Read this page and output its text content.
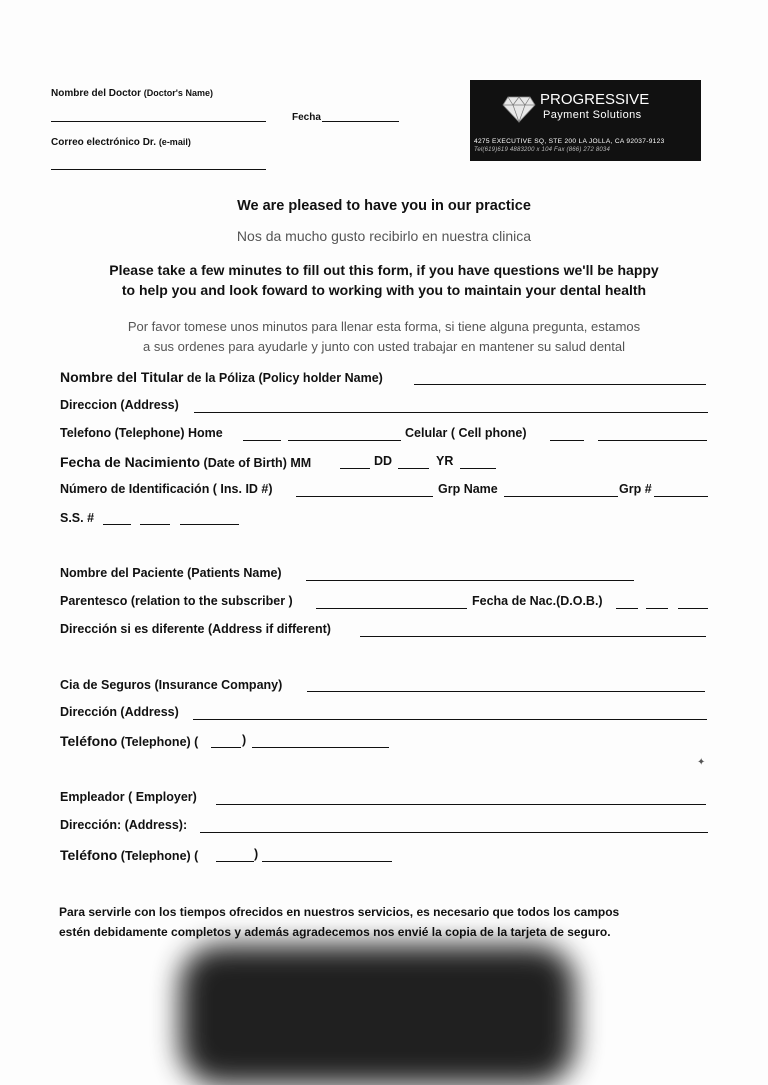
Nombre del Doctor (Doctor's Name)
Fecha
Correo electrónico Dr. (e-mail)
PROGRESSIVE
Payment Solutions
4275 EXECUTIVE SQ, STE 200 LA JOLLA, CA 92037-9123
Tel(619)619 4883200 x 104 Fax (866) 272 8034
We are pleased to have you in our practice
Nos da mucho gusto recibirlo en nuestra clinica
Please take a few minutes to fill out this form, if you have questions we'll be happy
to help you and look foward to working with you to maintain your dental health
Por favor tomese unos minutos para llenar esta forma, si tiene alguna pregunta, estamos
a sus ordenes para ayudarle y junto con usted trabajar en mantener su salud dental
Nombre del Titular de la Póliza (Policy holder Name)
Direccion (Address)
Telefono (Telephone) Home	Celular ( Cell phone)
Fecha de Nacimiento (Date of Birth) MM	DD	YR
Número de Identificación ( Ins. ID #)	Grp Name	Grp #
S.S. #
Nombre del Paciente (Patients Name)
Parentesco (relation to the subscriber )	Fecha de Nac.(D.O.B.)
Dirección si es diferente (Address if different)
Cia de Seguros (Insurance Company)
Dirección (Address)
Teléfono (Telephone) (	)
✦
Empleador ( Employer)
Dirección: (Address):
Teléfono (Telephone) (	)
Para servirle con los tiempos ofrecidos en nuestros servicios, es necesario que todos los campos
estén debidamente completos y además agradecemos nos envié la copia de la tarjeta de seguro.
